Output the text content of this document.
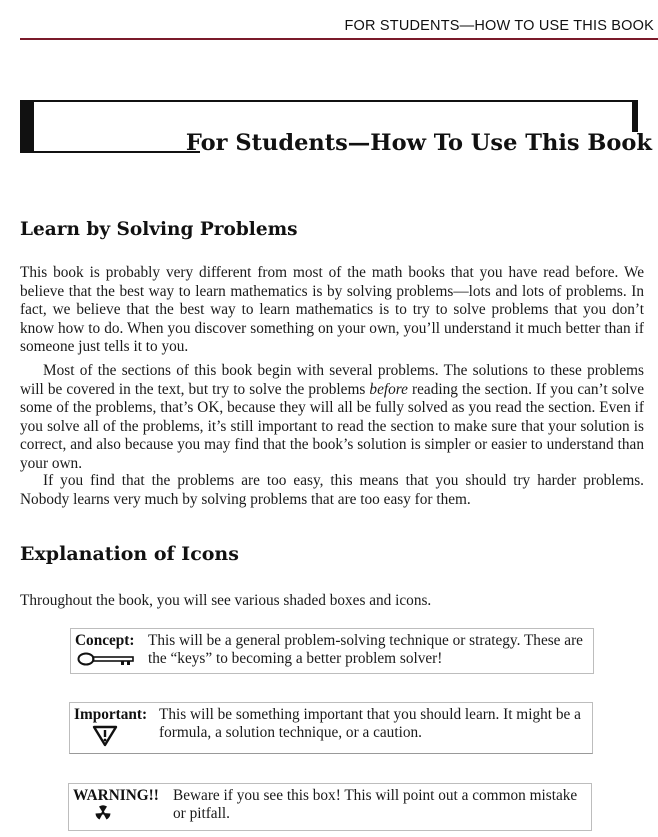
FOR STUDENTS—HOW TO USE THIS BOOK
For Students—How To Use This Book
Learn by Solving Problems

This book is probably very different from most of the math books that you have read before. We believe that the best way to learn mathematics is by solving problems—lots and lots of problems. In fact, we believe that the best way to learn mathematics is to try to solve problems that you don’t know how to do. When you discover something on your own, you’ll understand it much better than if someone just tells it to you.

Most of the sections of this book begin with several problems. The solutions to these problems will be covered in the text, but try to solve the problems before reading the section. If you can’t solve some of the problems, that’s OK, because they will all be fully solved as you read the section. Even if you solve all of the problems, it’s still important to read the section to make sure that your solution is correct, and also because you may find that the book’s solution is simpler or easier to understand than your own.

If you find that the problems are too easy, this means that you should try harder problems. Nobody learns very much by solving problems that are too easy for them.

Explanation of Icons

Throughout the book, you will see various shaded boxes and icons.

Concept: This will be a general problem-solving technique or strategy. These are the “keys” to becoming a better problem solver!
Important: This will be something important that you should learn. It might be a formula, a solution technique, or a caution.
WARNING!! Beware if you see this box! This will point out a common mistake or pitfall.
